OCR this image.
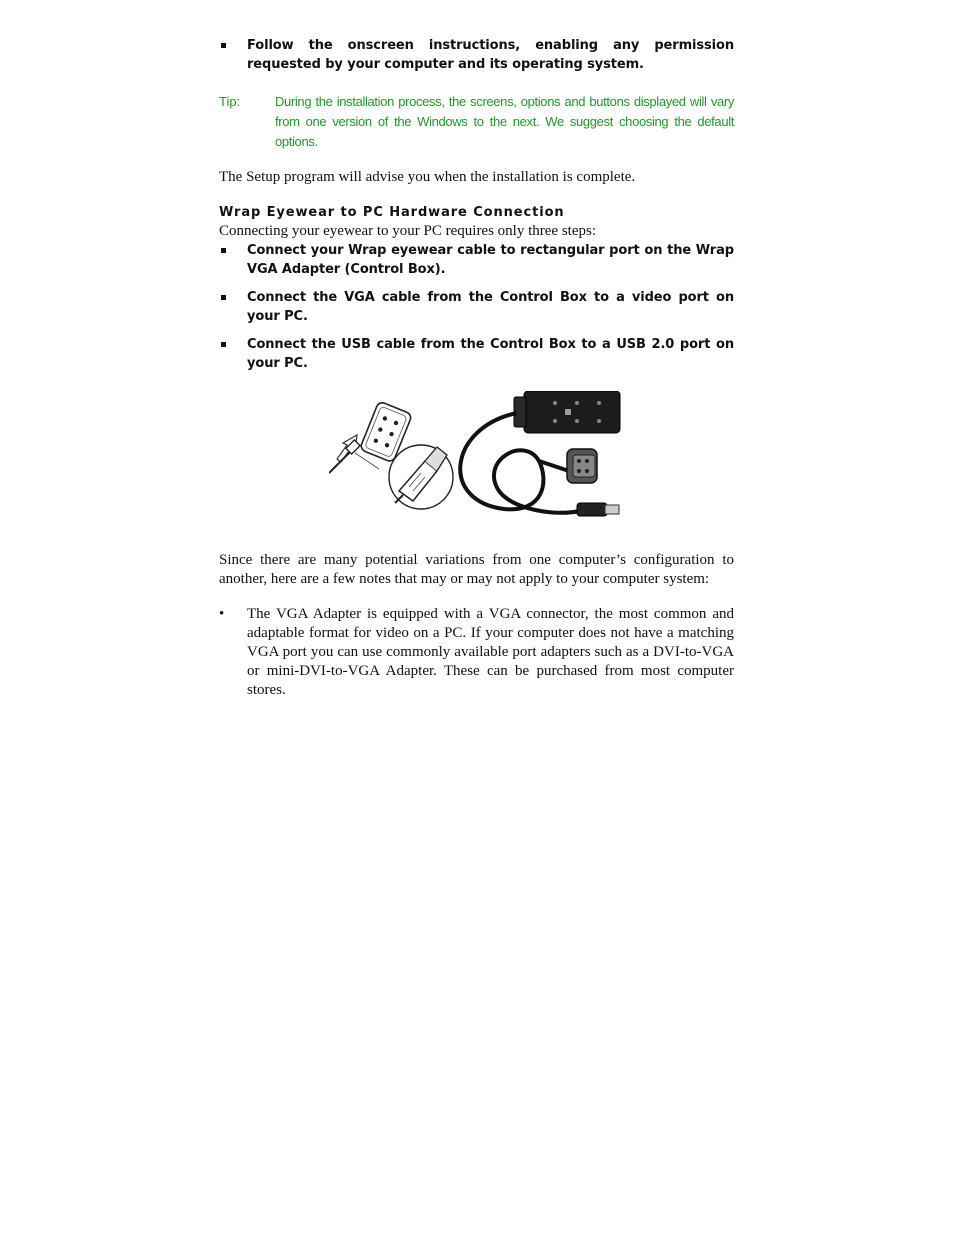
Follow the onscreen instructions, enabling any permission requested by your computer and its operating system.
Tip:	During the installation process, the screens, options and buttons displayed will vary from one version of the Windows to the next. We suggest choosing the default options.

The Setup program will advise you when the installation is complete.

Wrap Eyewear to PC Hardware Connection

Connecting your eyewear to your PC requires only three steps:

Connect your Wrap eyewear cable to rectangular port on the Wrap VGA Adapter (Control Box).
Connect the VGA cable from the Control Box to a video port on your PC.
Connect the USB cable from the Control Box to a USB 2.0 port on your PC.

Since there are many potential variations from one computer’s configuration to another, here are a few notes that may or may not apply to your computer system:

• The VGA Adapter is equipped with a VGA connector, the most common and adaptable format for video on a PC. If your computer does not have a matching VGA port you can use commonly available port adapters such as a DVI-to-VGA or mini-DVI-to-VGA Adapter. These can be purchased from most computer stores.
